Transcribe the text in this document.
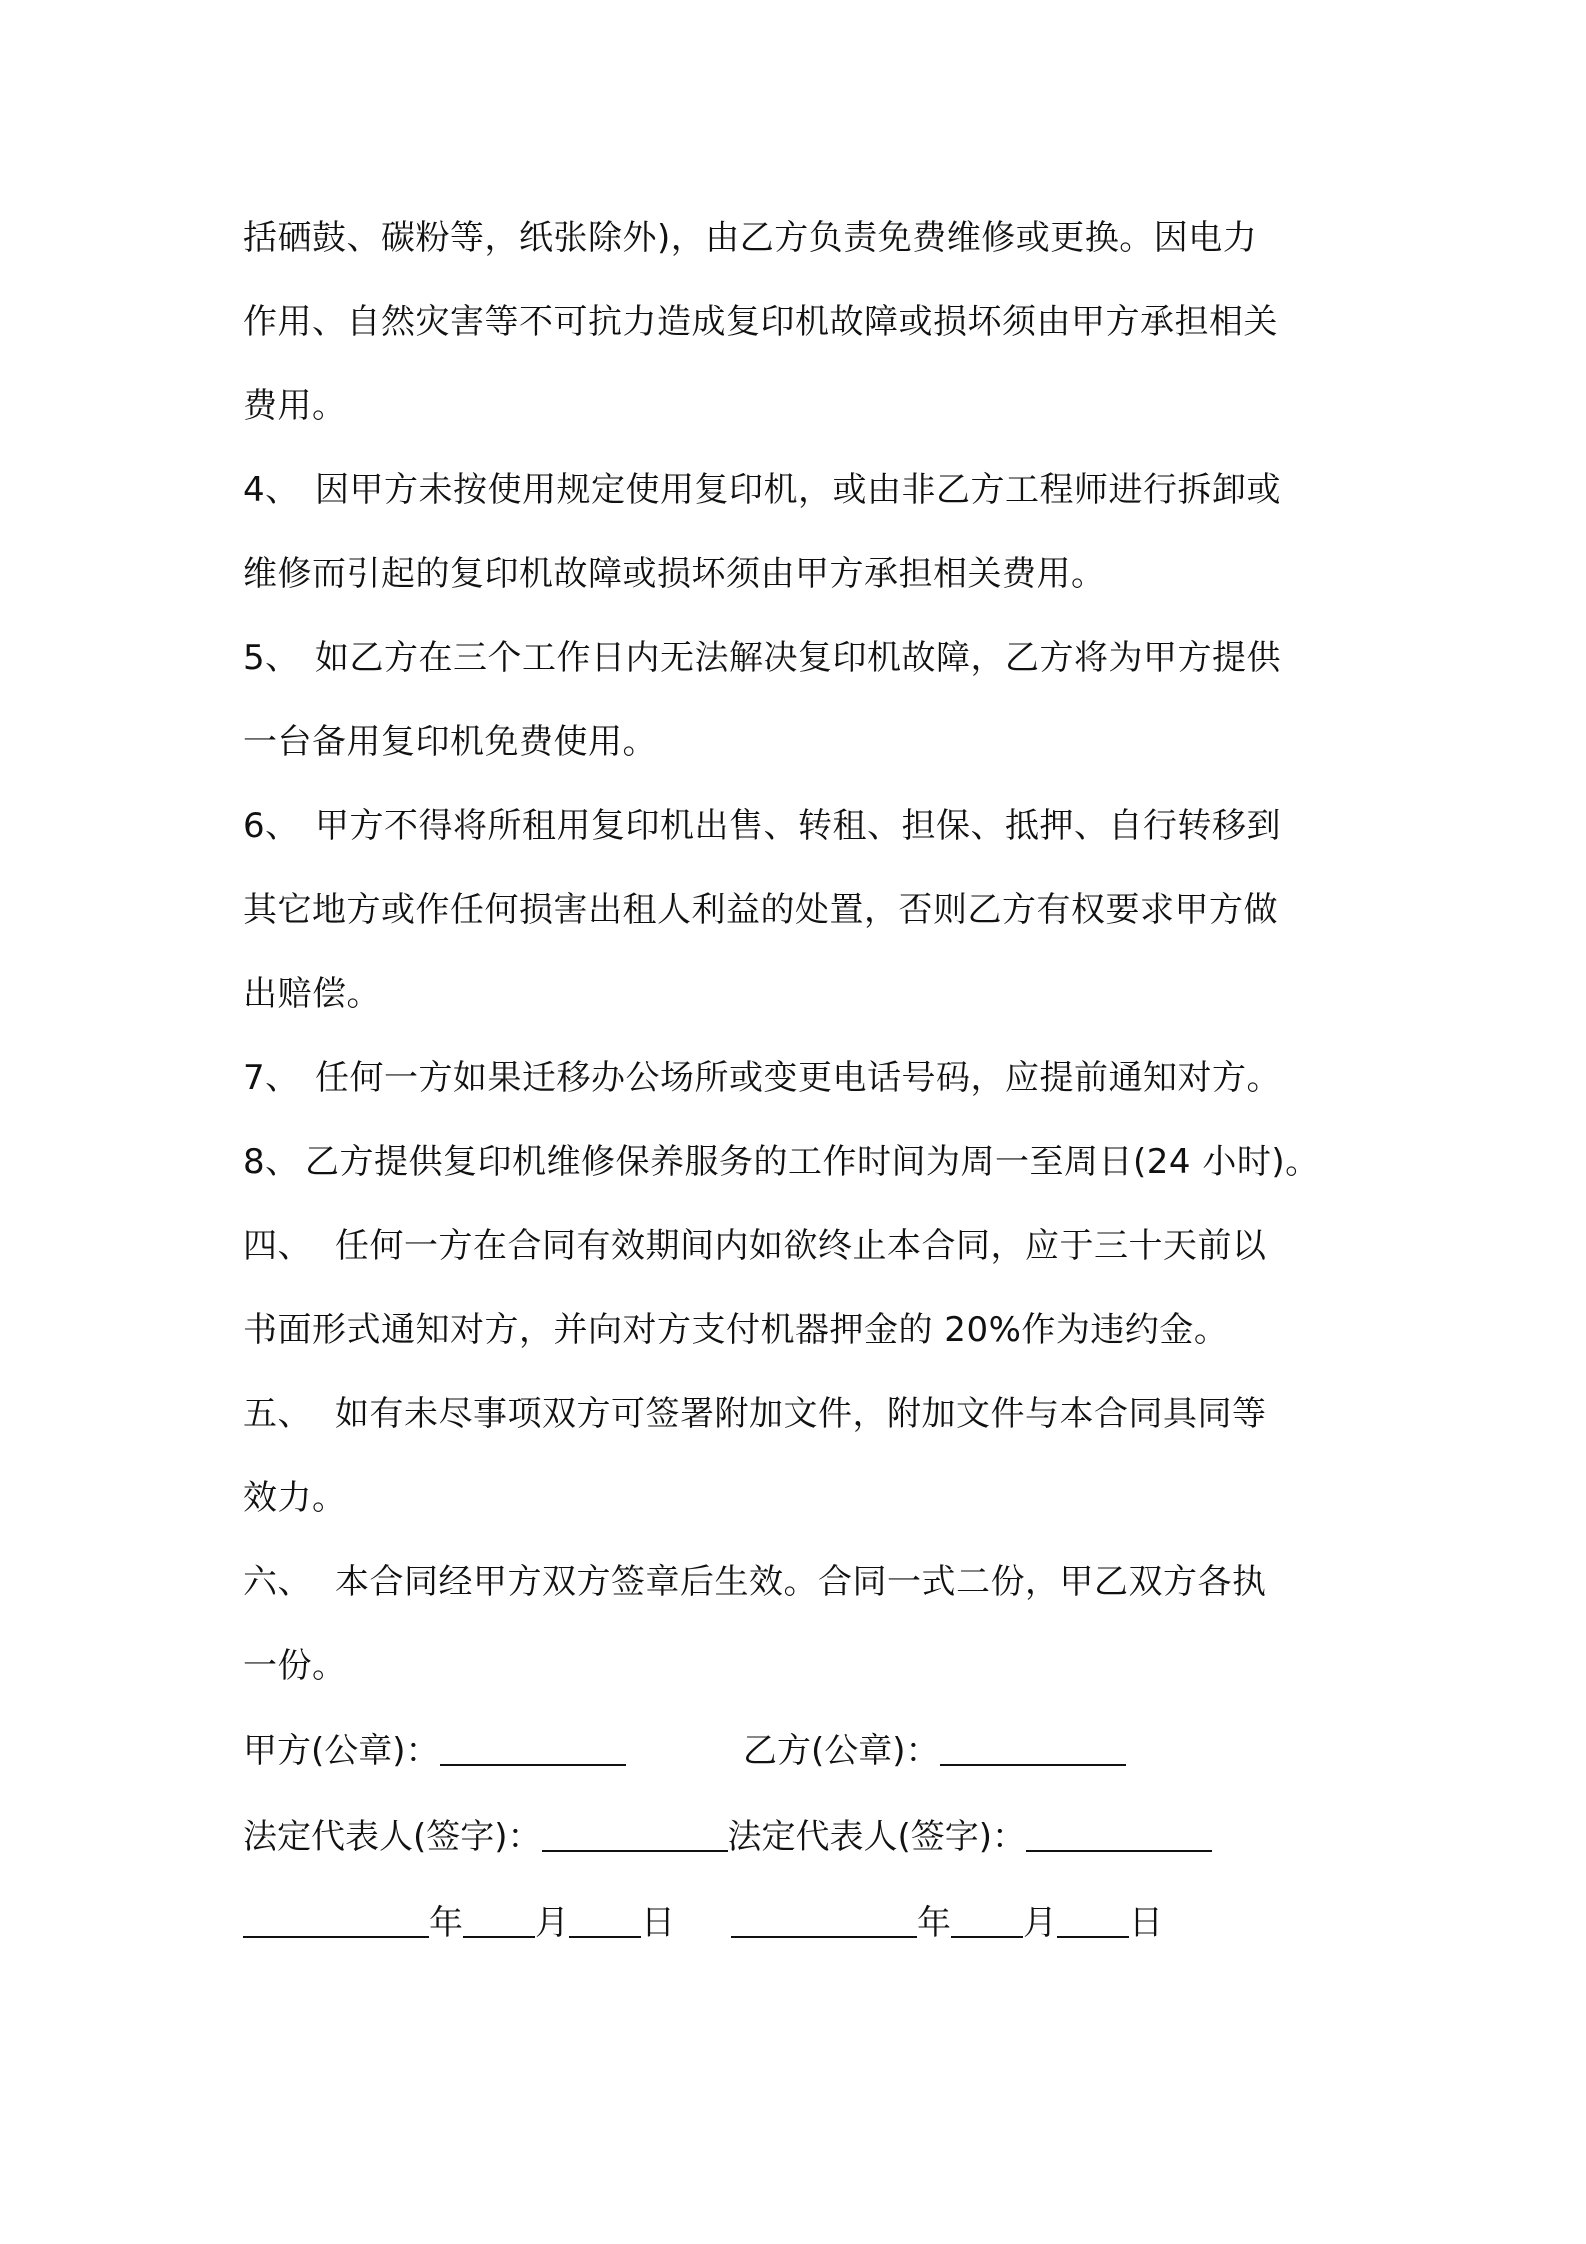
括硒鼓、碳粉等，纸张除外)，由乙方负责免费维修或更换。因电力
作用、自然灾害等不可抗力造成复印机故障或损坏须由甲方承担相关
费用。
4、 因甲方未按使用规定使用复印机，或由非乙方工程师进行拆卸或
维修而引起的复印机故障或损坏须由甲方承担相关费用。
5、 如乙方在三个工作日内无法解决复印机故障，乙方将为甲方提供
一台备用复印机免费使用。
6、 甲方不得将所租用复印机出售、转租、担保、抵押、自行转移到
其它地方或作任何损害出租人利益的处置，否则乙方有权要求甲方做
出赔偿。
7、 任何一方如果迁移办公场所或变更电话号码，应提前通知对方。
8、 乙方提供复印机维修保养服务的工作时间为周一至周日(24 小时)。
四、 任何一方在合同有效期间内如欲终止本合同，应于三十天前以
书面形式通知对方，并向对方支付机器押金的 20%作为违约金。
五、 如有未尽事项双方可签署附加文件，附加文件与本合同具同等
效力。
六、 本合同经甲方双方签章后生效。合同一式二份，甲乙双方各执
一份。
甲方(公章)：	乙方(公章)：
法定代表人(签字)：	法定代表人(签字)：
年 月 日	年 月 日
